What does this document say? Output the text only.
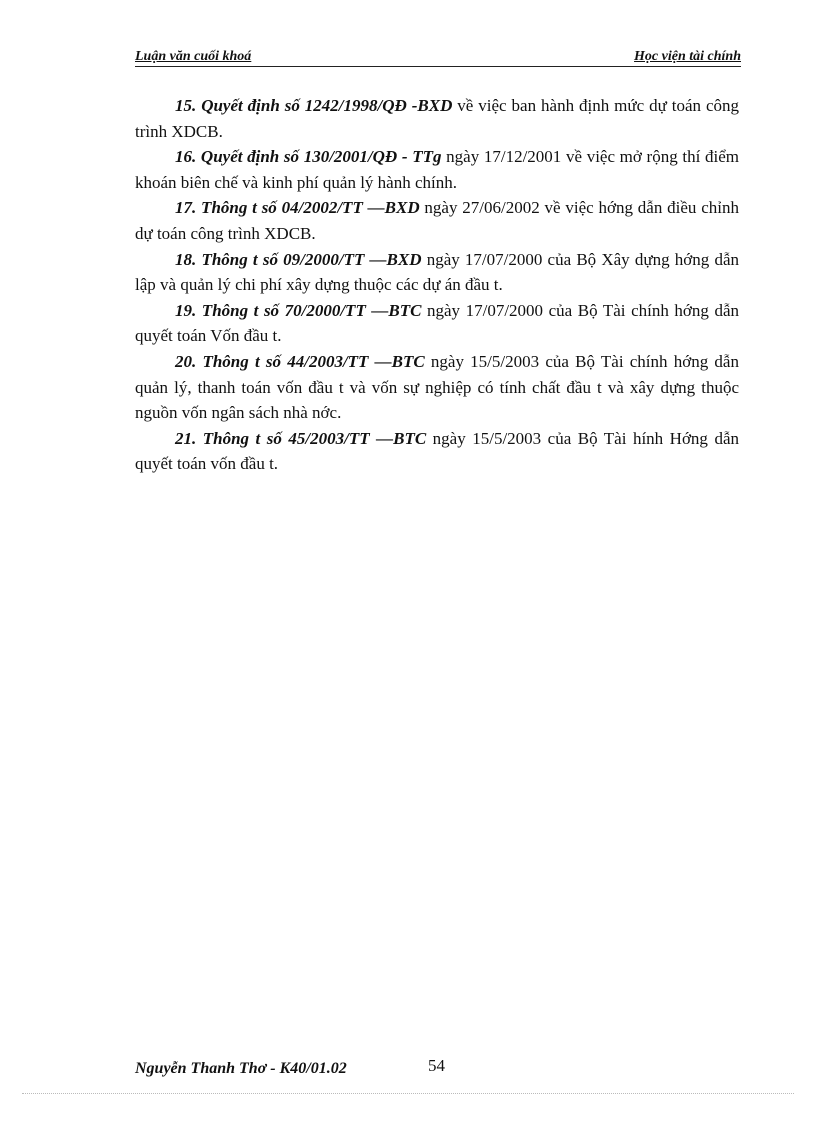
Luận văn cuối khoá	Học viện tài chính

15. Quyết định số 1242/1998/QĐ -BXD về việc ban hành định mức dự toán công trình XDCB.

16. Quyết định số 130/2001/QĐ - TTg ngày 17/12/2001 về việc mở rộng thí điểm khoán biên chế và kinh phí quản lý hành chính.

17. Thông t số 04/2002/TT —BXD ngày 27/06/2002 về việc hớng dẫn điều chỉnh dự toán công trình XDCB.

18. Thông t số 09/2000/TT —BXD ngày 17/07/2000 của Bộ Xây dựng hớng dẫn lập và quản lý chi phí xây dựng thuộc các dự án đầu t.

19. Thông t số 70/2000/TT —BTC ngày 17/07/2000 của Bộ Tài chính hớng dẫn quyết toán Vốn đầu t.

20. Thông t số 44/2003/TT —BTC ngày 15/5/2003 của Bộ Tài chính hớng dẫn quản lý, thanh toán vốn đầu t và vốn sự nghiệp có tính chất đầu t và xây dựng thuộc nguồn vốn ngân sách nhà nớc.

21. Thông t số 45/2003/TT —BTC ngày 15/5/2003 của Bộ Tài hính Hớng dẫn quyết toán vốn đầu t.

Nguyễn Thanh Thơ - K40/01.02	54
